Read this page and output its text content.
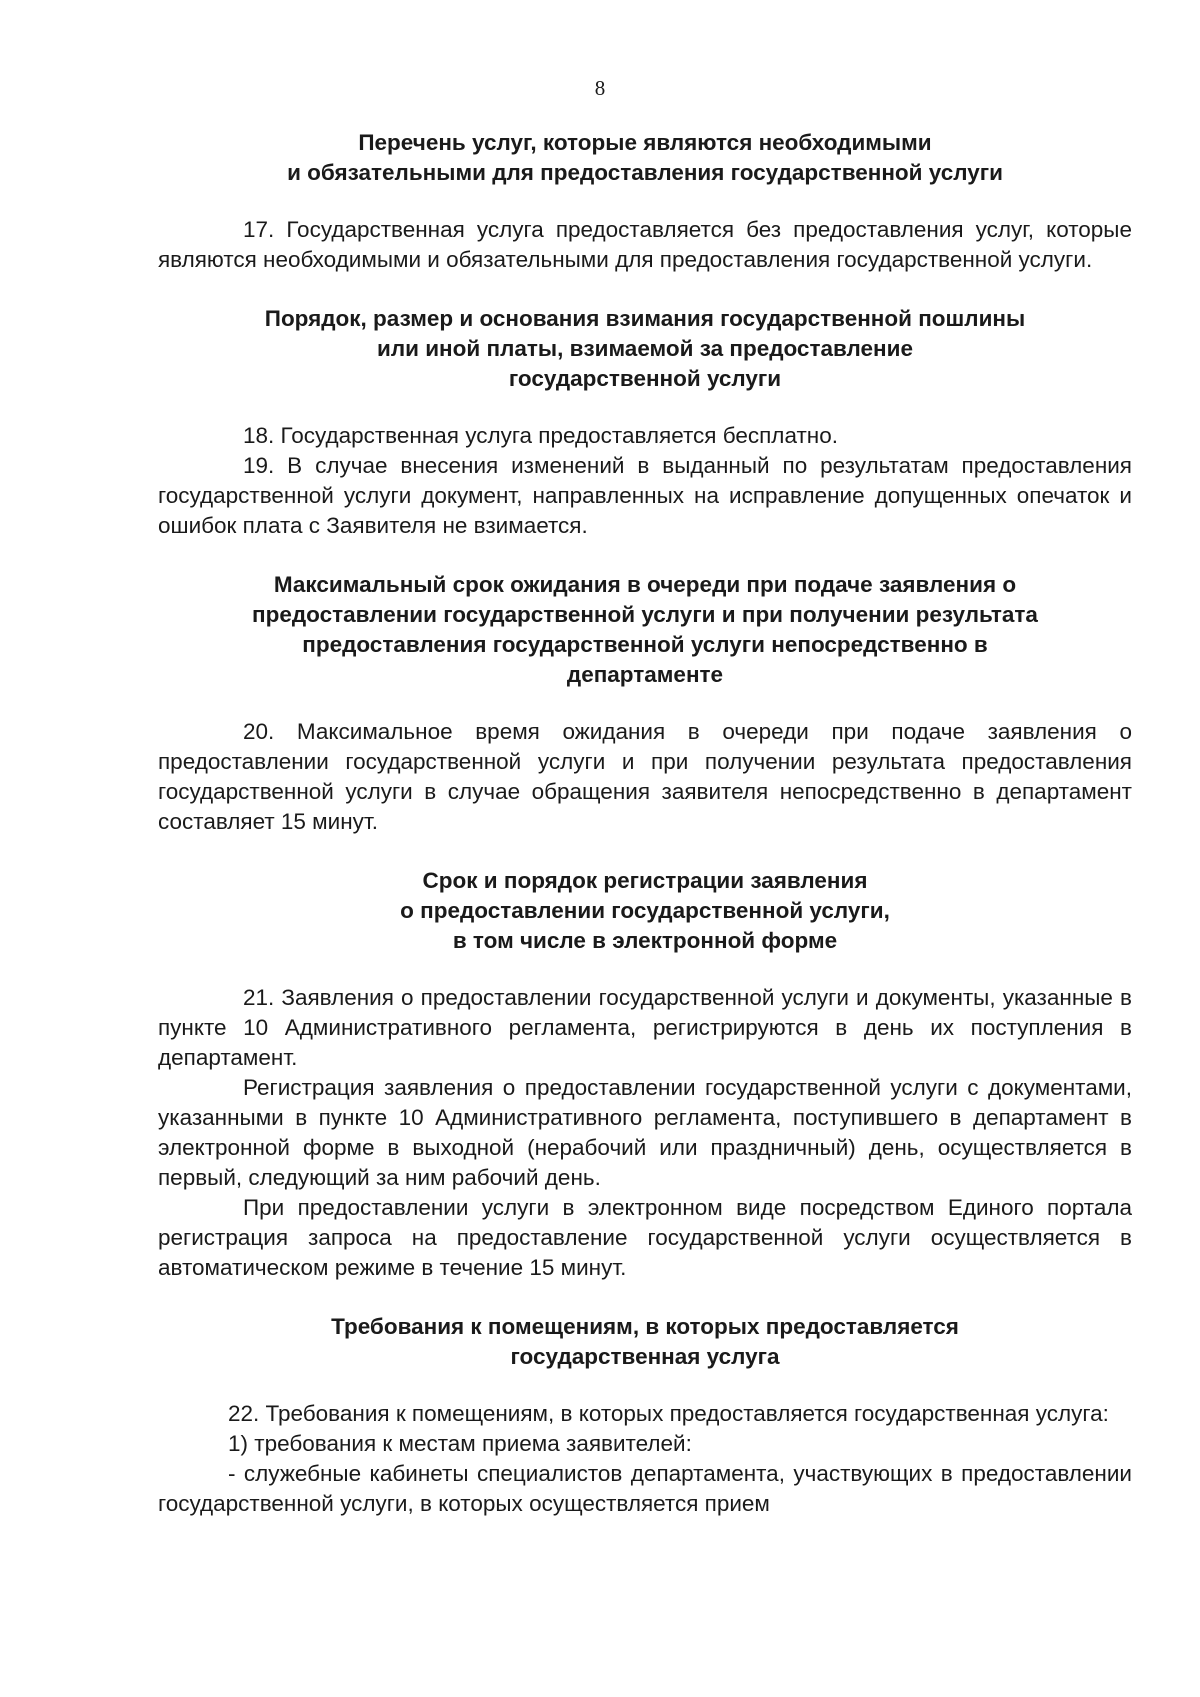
8
Перечень услуг, которые являются необходимыми
и обязательными для предоставления государственной услуги

17. Государственная услуга предоставляется без предоставления услуг, которые являются необходимыми и обязательными для предоставления государственной услуги.

Порядок, размер и основания взимания государственной пошлины
или иной платы, взимаемой за предоставление
государственной услуги

18. Государственная услуга предоставляется бесплатно.

19. В случае внесения изменений в выданный по результатам предоставления государственной услуги документ, направленных на исправление допущенных опечаток и ошибок плата с Заявителя не взимается.

Максимальный срок ожидания в очереди при подаче заявления о
предоставлении государственной услуги и при получении результата
предоставления государственной услуги непосредственно в
департаменте

20. Максимальное время ожидания в очереди при подаче заявления о предоставлении государственной услуги и при получении результата предоставления государственной услуги в случае обращения заявителя непосредственно в департамент составляет 15 минут.

Срок и порядок регистрации заявления
о предоставлении государственной услуги,
в том числе в электронной форме

21. Заявления о предоставлении государственной услуги и документы, указанные в пункте 10 Административного регламента, регистрируются в день их поступления в департамент.

Регистрация заявления о предоставлении государственной услуги с документами, указанными в пункте 10 Административного регламента, поступившего в департамент в электронной форме в выходной (нерабочий или праздничный) день, осуществляется в первый, следующий за ним рабочий день.

При предоставлении услуги в электронном виде посредством Единого портала регистрация запроса на предоставление государственной услуги осуществляется в автоматическом режиме в течение 15 минут.

Требования к помещениям, в которых предоставляется
государственная услуга

22. Требования к помещениям, в которых предоставляется государственная услуга:

1) требования к местам приема заявителей:

- служебные кабинеты специалистов департамента, участвующих в предоставлении государственной услуги, в которых осуществляется прием
